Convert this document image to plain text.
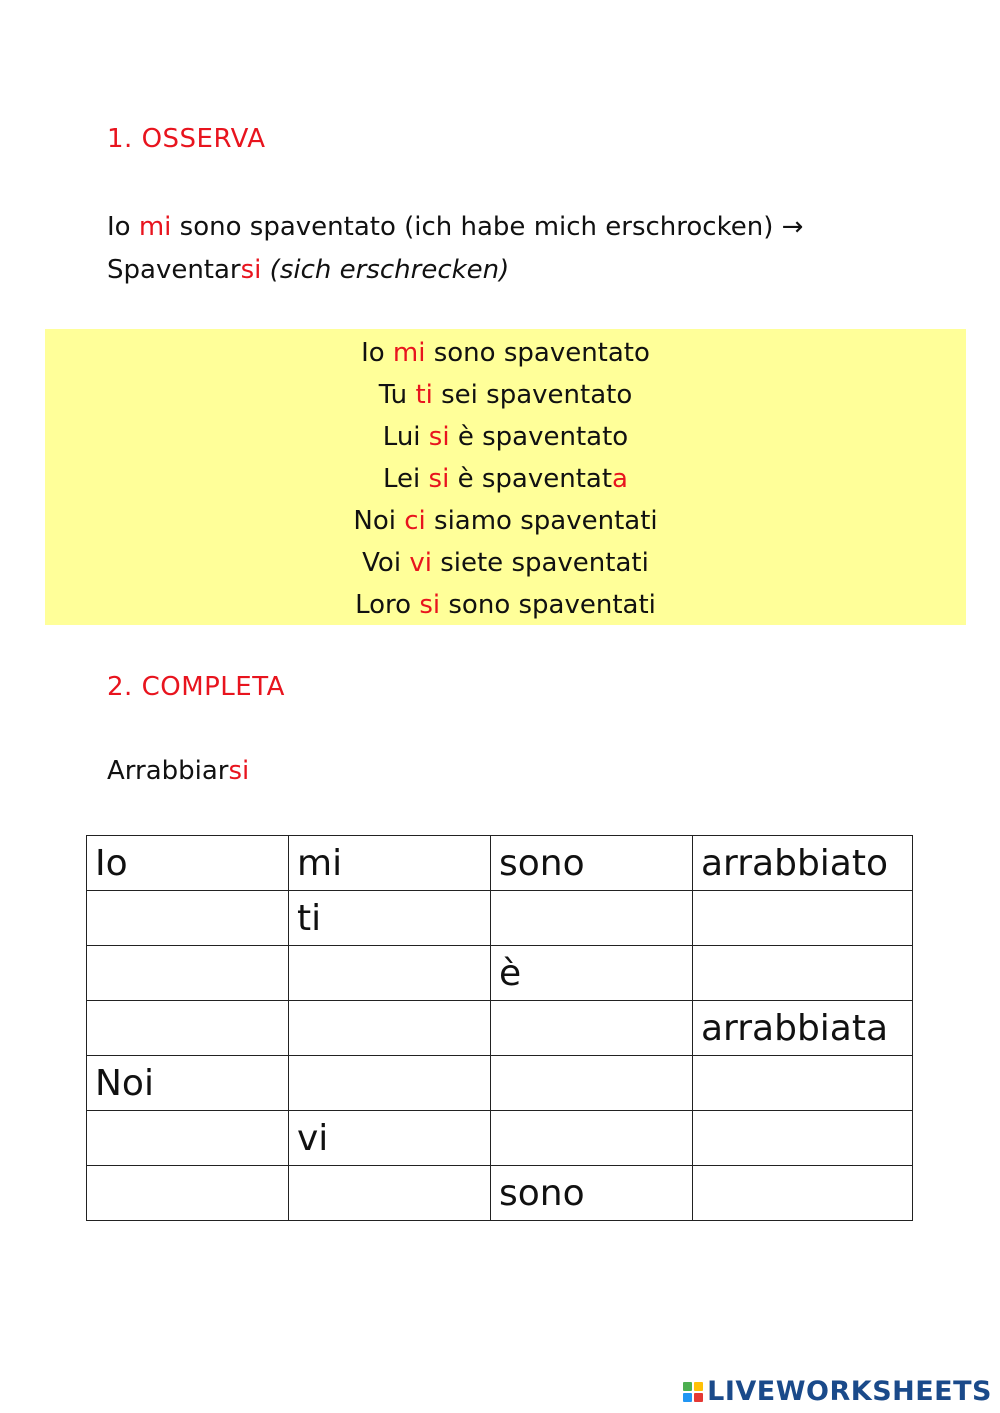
1. OSSERVA
Io mi sono spaventato (ich habe mich erschrocken) →
Spaventarsi (sich erschrecken)
Io mi sono spaventato
Tu ti sei spaventato
Lui si è spaventato
Lei si è spaventata
Noi ci siamo spaventati
Voi vi siete spaventati
Loro si sono spaventati
2. COMPLETA
Arrabbiarsi
Io	mi	sono	arrabbiato
	ti		
		è	
			arrabbiata
Noi			
	vi		
		sono	
LIVEWORKSHEETS
